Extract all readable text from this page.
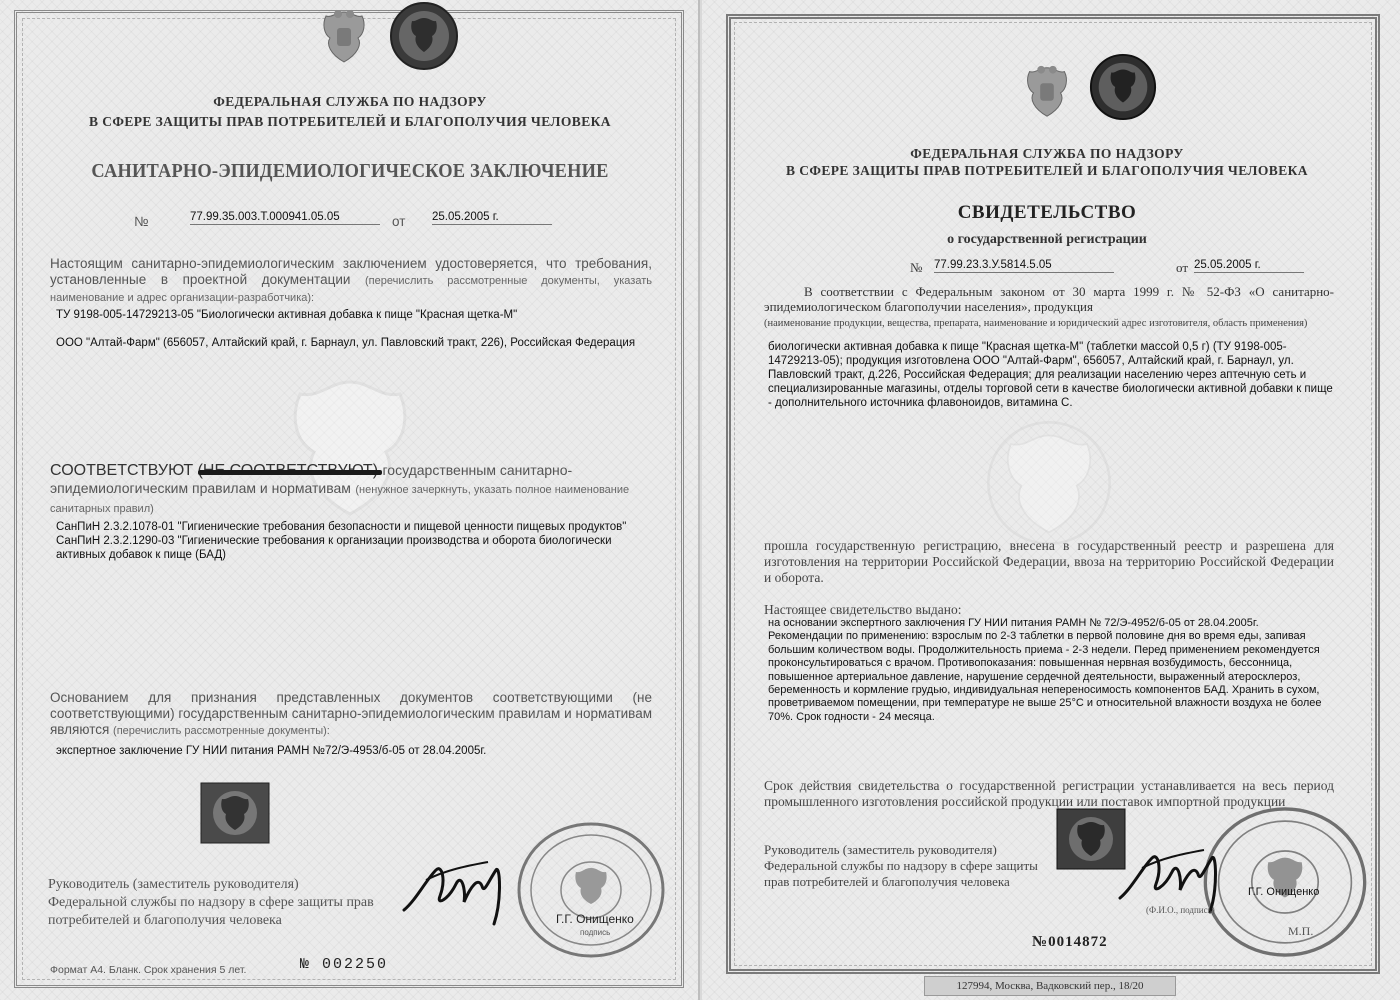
ФЕДЕРАЛЬНАЯ СЛУЖБА ПО НАДЗОРУ
В СФЕРЕ ЗАЩИТЫ ПРАВ ПОТРЕБИТЕЛЕЙ И БЛАГОПОЛУЧИЯ ЧЕЛОВЕКА
САНИТАРНО-ЭПИДЕМИОЛОГИЧЕСКОЕ ЗАКЛЮЧЕНИЕ
№	77.99.35.003.Т.000941.05.05	от 25.05.2005 г.
Настоящим санитарно-эпидемиологическим заключением удостоверяется, что требования, установленные в проектной документации (перечислить рассмотренные документы, указать наименование и адрес организации-разработчика):
ТУ 9198-005-14729213-05 "Биологически активная добавка к пище "Красная щетка-М"
ООО "Алтай-Фарм" (656057, Алтайский край, г. Барнаул, ул. Павловский тракт, 226), Российская Федерация
СООТВЕТСТВУЮТ	государственным санитарно- эпидемиологическим правилам и нормативам (ненужное зачеркнуть, указать полное наименование санитарных правил)
СанПиН 2.3.2.1078-01 "Гигиенические требования безопасности и пищевой ценности пищевых продуктов" СанПиН 2.3.2.1290-03 "Гигиенические требования к организации производства и оборота биологически активных добавок к пище (БАД)
Основанием для признания представленных документов соответствующими (не соответствующими) государственным санитарно-эпидемиологическим правилам и нормативам являются (перечислить рассмотренные документы):
экспертное заключение ГУ НИИ питания РАМН №72/Э-4953/б-05 от 28.04.2005г.
Руководитель (заместитель руководителя) Федеральной службы по надзору в сфере защиты прав потребителей и благополучия человека	Г.Г. Онищенко
подпись
Формат А4. Бланк. Срок хранения 5 лет.	№ 002250
ФЕДЕРАЛЬНАЯ СЛУЖБА ПО НАДЗОРУ
В СФЕРЕ ЗАЩИТЫ ПРАВ ПОТРЕБИТЕЛЕЙ И БЛАГОПОЛУЧИЯ ЧЕЛОВЕКА
СВИДЕТЕЛЬСТВО
о государственной регистрации
№ 77.99.23.3.У.5814.5.05	от 25.05.2005 г.
В соответствии с Федеральным законом от 30 марта 1999 г. № 52-ФЗ «О санитарно-эпидемиологическом благополучии населения», продукция
(наименование продукции, вещества, препарата, наименование и юридический адрес изготовителя, область применения)
биологически активная добавка к пище "Красная щетка-М" (таблетки массой 0,5 г) (ТУ 9198-005-14729213-05); продукция изготовлена ООО "Алтай-Фарм", 656057, Алтайский край, г. Барнаул, ул. Павловский тракт, д.226, Российская Федерация; для реализации населению через аптечную сеть и специализированные магазины, отделы торговой сети в качестве биологически активной добавки к пище - дополнительного источника флавоноидов, витамина С.
прошла государственную регистрацию, внесена в государственный реестр и разрешена для изготовления на территории Российской Федерации, ввоза на территорию Российской Федерации и оборота.
Настоящее свидетельство выдано:
на основании экспертного заключения ГУ НИИ питания РАМН № 72/Э-4952/б-05 от 28.04.2005г. Рекомендации по применению: взрослым по 2-3 таблетки в первой половине дня во время еды, запивая большим количеством воды. Продолжительность приема - 2-3 недели. Перед применением рекомендуется проконсультироваться с врачом. Противопоказания: повышенная нервная возбудимость, бессонница, повышенное артериальное давление, нарушение сердечной деятельности, выраженный атеросклероз, беременность и кормление грудью, индивидуальная непереносимость компонентов БАД. Хранить в сухом, проветриваемом помещении, при температуре не выше 25°С и относительной влажности воздуха не более 70%. Срок годности - 24 месяца.
Срок действия свидетельства о государственной регистрации устанавливается на весь период промышленного изготовления российской продукции или поставок импортной продукции
Руководитель (заместитель руководителя) Федеральной службы по надзору в сфере защиты прав потребителей и благополучия человека
Г.Г. Онищенко
(Ф.И.О., подпись)
М.П.
№0014872
127994, Москва, Вадковский пер., 18/20
